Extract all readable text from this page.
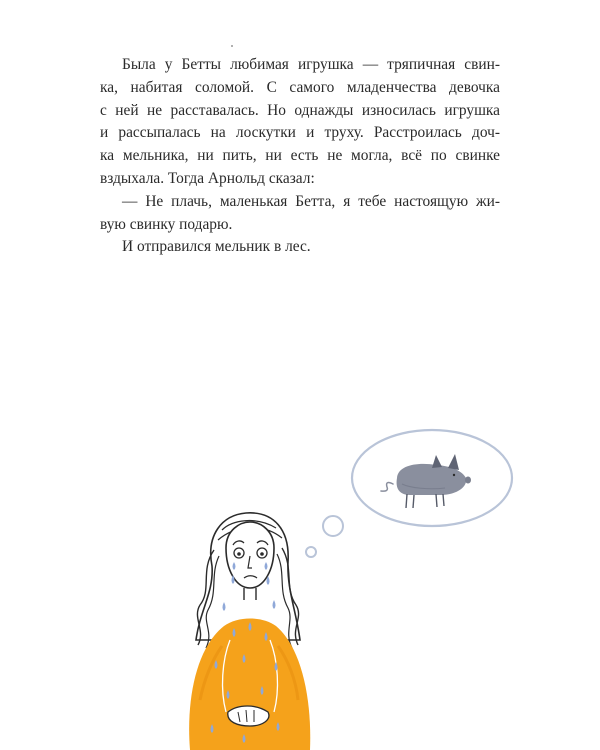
Была у Бетты любимая игрушка — тряпичная свин-
ка, набитая соломой. С самого младенчества девочка
с ней не расставалась. Но однажды износилась игрушка
и рассыпалась на лоскутки и труху. Расстроилась доч-
ка мельника, ни пить, ни есть не могла, всё по свинке
вздыхала. Тогда Арнольд сказал:
— Не плачь, маленькая Бетта, я тебе настоящую жи-
вую свинку подарю.
И отправился мельник в лес.
